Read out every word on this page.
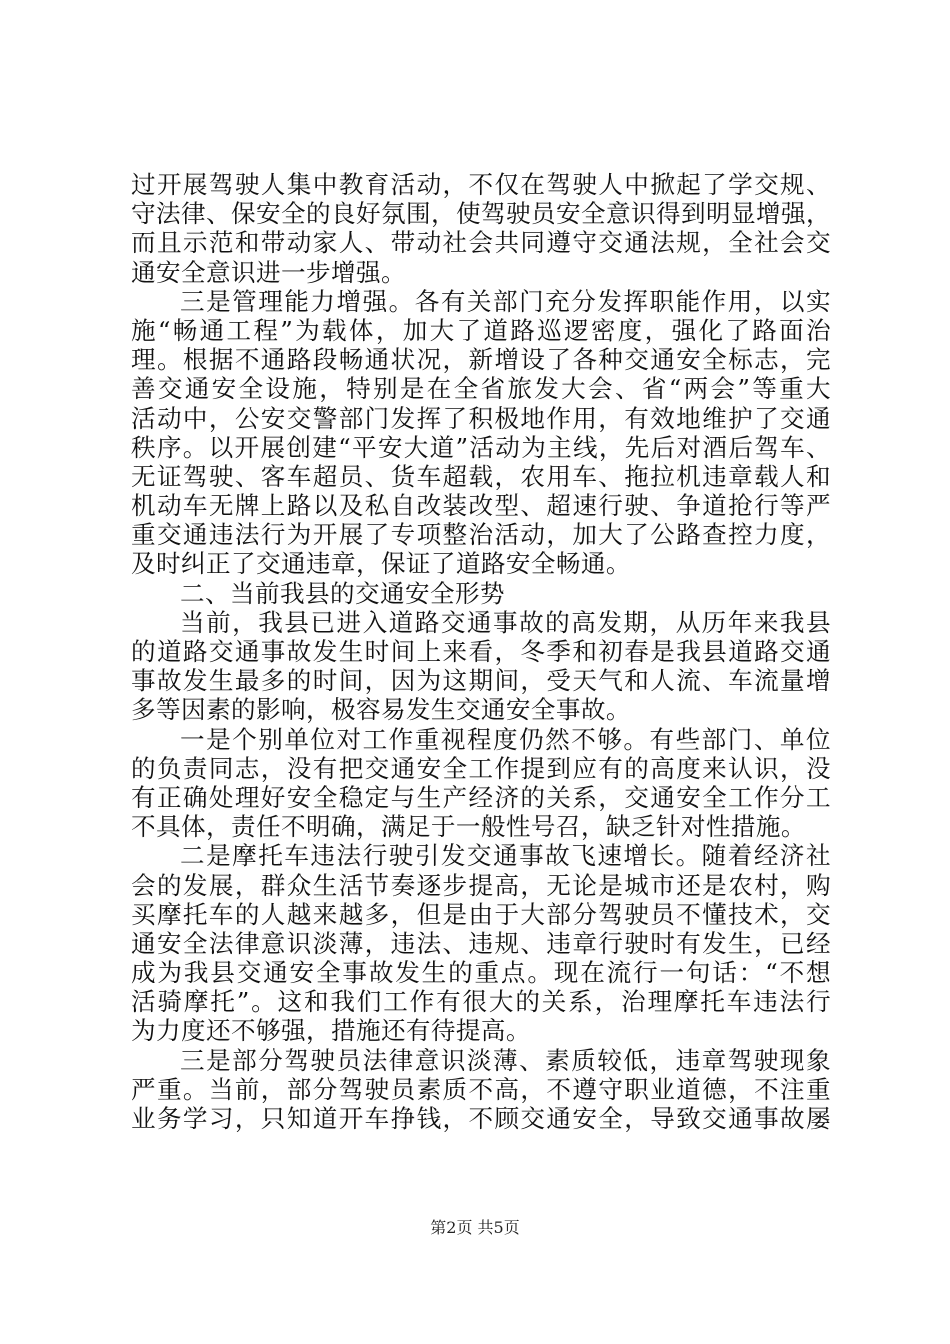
过开展驾驶人集中教育活动，不仅在驾驶人中掀起了学交规、
守法律、保安全的良好氛围，使驾驶员安全意识得到明显增强，
而且示范和带动家人、带动社会共同遵守交通法规，全社会交
通安全意识进一步增强。
三是管理能力增强。各有关部门充分发挥职能作用，以实
施“畅通工程”为载体，加大了道路巡逻密度，强化了路面治
理。根据不通路段畅通状况，新增设了各种交通安全标志，完
善交通安全设施，特别是在全省旅发大会、省“两会”等重大
活动中，公安交警部门发挥了积极地作用，有效地维护了交通
秩序。以开展创建“平安大道”活动为主线，先后对酒后驾车、
无证驾驶、客车超员、货车超载，农用车、拖拉机违章载人和
机动车无牌上路以及私自改装改型、超速行驶、争道抢行等严
重交通违法行为开展了专项整治活动，加大了公路查控力度，
及时纠正了交通违章，保证了道路安全畅通。
二、当前我县的交通安全形势
当前，我县已进入道路交通事故的高发期，从历年来我县
的道路交通事故发生时间上来看，冬季和初春是我县道路交通
事故发生最多的时间，因为这期间，受天气和人流、车流量增
多等因素的影响，极容易发生交通安全事故。
一是个别单位对工作重视程度仍然不够。有些部门、单位
的负责同志，没有把交通安全工作提到应有的高度来认识，没
有正确处理好安全稳定与生产经济的关系，交通安全工作分工
不具体，责任不明确，满足于一般性号召，缺乏针对性措施。
二是摩托车违法行驶引发交通事故飞速增长。随着经济社
会的发展，群众生活节奏逐步提高，无论是城市还是农村，购
买摩托车的人越来越多，但是由于大部分驾驶员不懂技术，交
通安全法律意识淡薄，违法、违规、违章行驶时有发生，已经
成为我县交通安全事故发生的重点。现在流行一句话：“不想
活骑摩托”。这和我们工作有很大的关系，治理摩托车违法行
为力度还不够强，措施还有待提高。
三是部分驾驶员法律意识淡薄、素质较低，违章驾驶现象
严重。当前，部分驾驶员素质不高，不遵守职业道德，不注重
业务学习，只知道开车挣钱，不顾交通安全，导致交通事故屡
第2页 共5页
